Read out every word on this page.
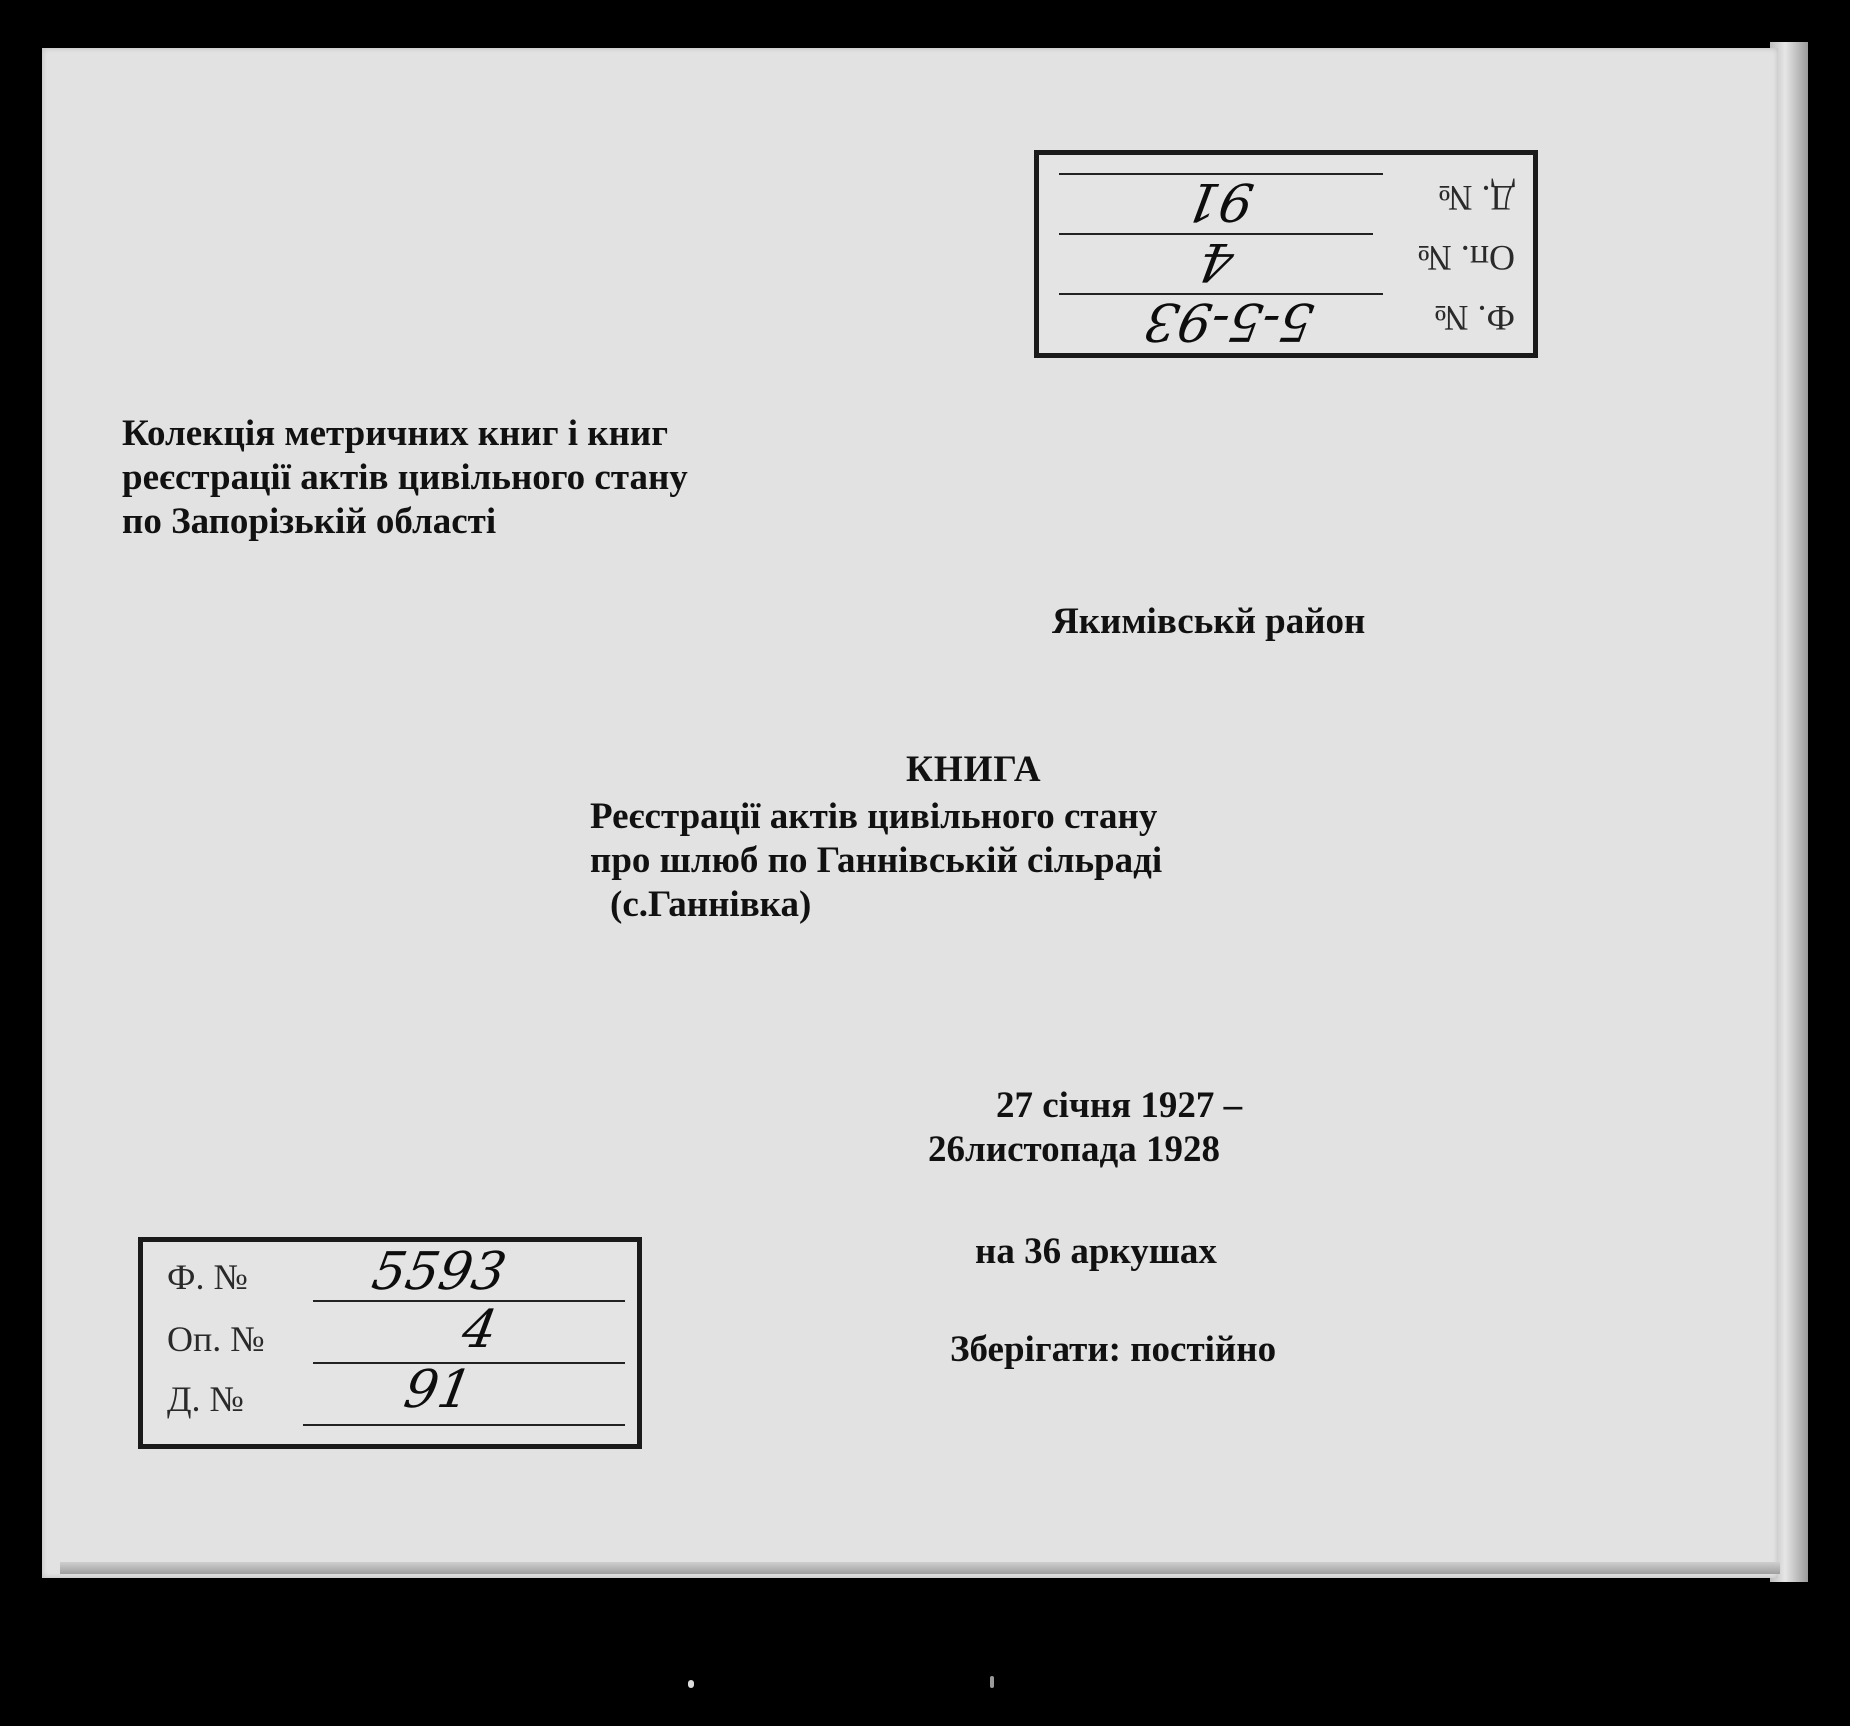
Ф. №
5-5-93
Оп. №
4
Д. №
91
Колекція метричних книг і книг
реєстрації актів цивільного стану
по Запорізькій області
Якимівськй район
КНИГА
Реєстрації актів цивільного стану
про шлюб по Ганнівській сільраді
(с.Ганнівка)
27 січня 1927 –
26листопада 1928
на 36 аркушах
Зберігати: постійно
Ф. № 5593
Оп. №	4
Д. №	91
